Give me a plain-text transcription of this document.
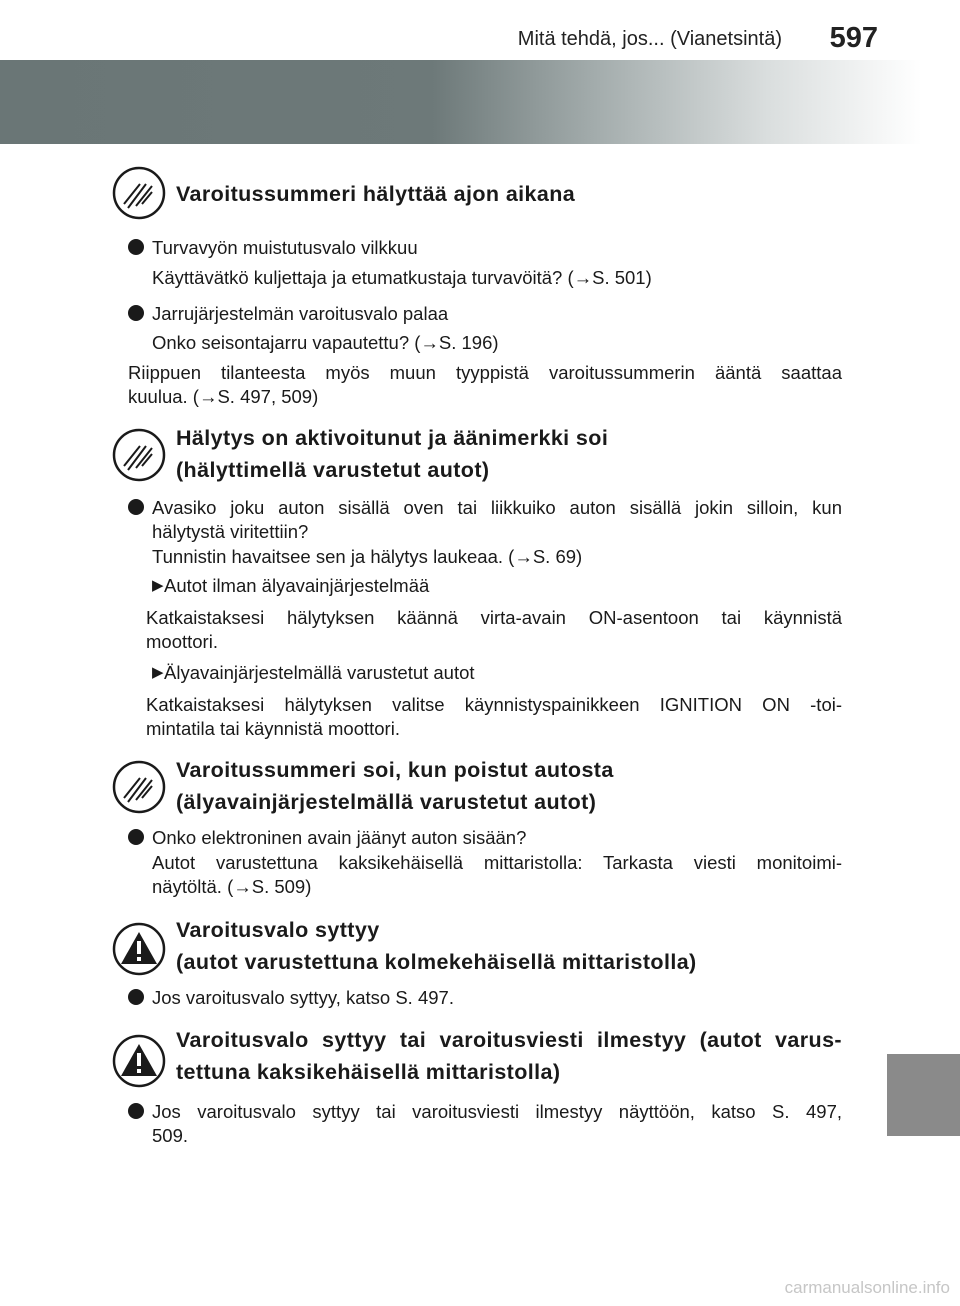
Mitä tehdä, jos... (Vianetsintä) 597
Varoitussummeri hälyttää ajon aikana
Turvavyön muistutusvalo vilkkuu
Käyttävätkö kuljettaja ja etumatkustaja turvavöitä? (→S. 501)
Jarrujärjestelmän varoitusvalo palaa
Onko seisontajarru vapautettu? (→S. 196)
Riippuen tilanteesta myös muun tyyppistä varoitussummerin ääntä saattaa
kuulua. (→S. 497, 509)
Hälytys on aktivoitunut ja äänimerkki soi
(hälyttimellä varustetut autot)
Avasiko joku auton sisällä oven tai liikkuiko auton sisällä jokin silloin, kun
hälytystä viritettiin?
Tunnistin havaitsee sen ja hälytys laukeaa. (→S. 69)
▶ Autot ilman älyavainjärjestelmää
Katkaistaksesi hälytyksen käännä virta-avain ON-asentoon tai käynnistä
moottori.
▶ Älyavainjärjestelmällä varustetut autot
Katkaistaksesi hälytyksen valitse käynnistyspainikkeen IGNITION ON -toi-
mintatila tai käynnistä moottori.
Varoitussummeri soi, kun poistut autosta
(älyavainjärjestelmällä varustetut autot)
Onko elektroninen avain jäänyt auton sisään?
Autot varustettuna kaksikehäisellä mittaristolla: Tarkasta viesti monitoimi-
näytöltä. (→S. 509)
Varoitusvalo syttyy
(autot varustettuna kolmekehäisellä mittaristolla)
Jos varoitusvalo syttyy, katso S. 497.
Varoitusvalo syttyy tai varoitusviesti ilmestyy (autot varus-
tettuna kaksikehäisellä mittaristolla)
Jos varoitusvalo syttyy tai varoitusviesti ilmestyy näyttöön, katso S. 497,
509.
carmanualsonline.info
